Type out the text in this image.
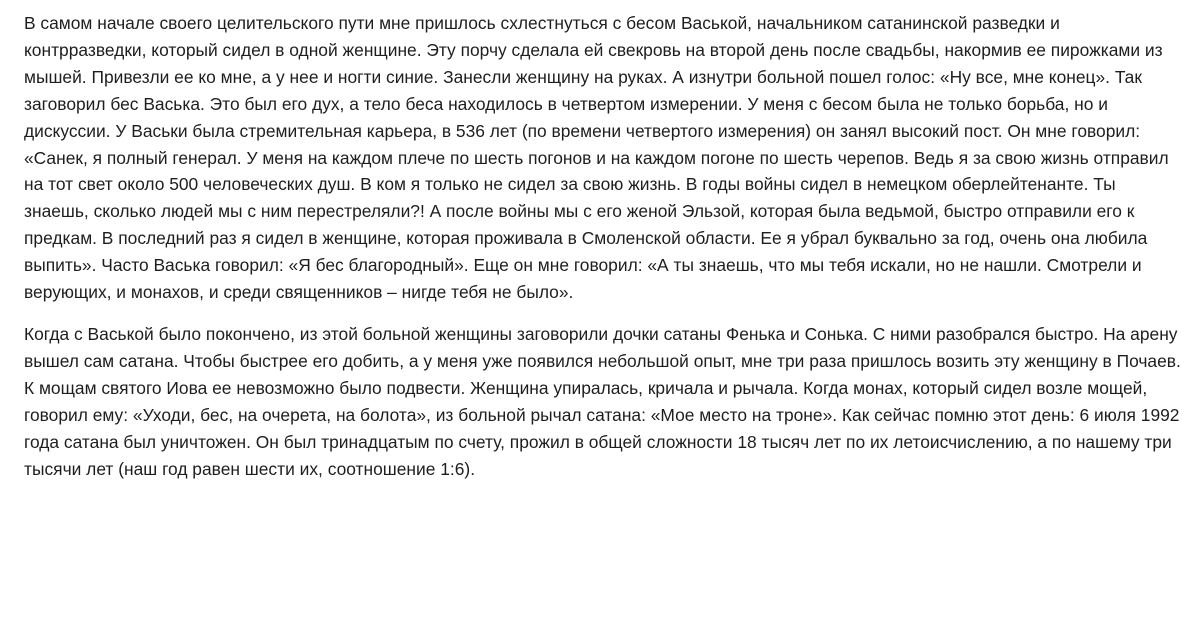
В самом начале своего целительского пути мне пришлось схлестнуться с бесом Васькой, начальником сатанинской разведки и контрразведки, который сидел в одной женщине. Эту порчу сделала ей свекровь на второй день после свадьбы, накормив ее пирожками из мышей. Привезли ее ко мне, а у нее и ногти синие. Занесли женщину на руках. А изнутри больной пошел голос: «Ну все, мне конец». Так заговорил бес Васька. Это был его дух, а тело беса находилось в четвертом измерении. У меня с бесом была не только борьба, но и дискуссии. У Васьки была стремительная карьера, в 536 лет (по времени четвертого измерения) он занял высокий пост. Он мне говорил: «Санек, я полный генерал. У меня на каждом плече по шесть погонов и на каждом погоне по шесть черепов. Ведь я за свою жизнь отправил на тот свет около 500 человеческих душ. В ком я только не сидел за свою жизнь. В годы войны сидел в немецком оберлейтенанте. Ты знаешь, сколько людей мы с ним перестреляли?! А после войны мы с его женой Эльзой, которая была ведьмой, быстро отправили его к предкам. В последний раз я сидел в женщине, которая проживала в Смоленской области. Ее я убрал буквально за год, очень она любила выпить». Часто Васька говорил: «Я бес благородный». Еще он мне говорил: «А ты знаешь, что мы тебя искали, но не нашли. Смотрели и верующих, и монахов, и среди священников – нигде тебя не было».

Когда с Васькой было покончено, из этой больной женщины заговорили дочки сатаны Фенька и Сонька. С ними разобрался быстро. На арену вышел сам сатана. Чтобы быстрее его добить, а у меня уже появился небольшой опыт, мне три раза пришлось возить эту женщину в Почаев. К мощам святого Иова ее невозможно было подвести. Женщина упиралась, кричала и рычала. Когда монах, который сидел возле мощей, говорил ему: «Уходи, бес, на очерета, на болота», из больной рычал сатана: «Мое место на троне». Как сейчас помню этот день: 6 июля 1992 года сатана был уничтожен. Он был тринадцатым по счету, прожил в общей сложности 18 тысяч лет по их летоисчислению, а по нашему три тысячи лет (наш год равен шести их, соотношение 1:6).
